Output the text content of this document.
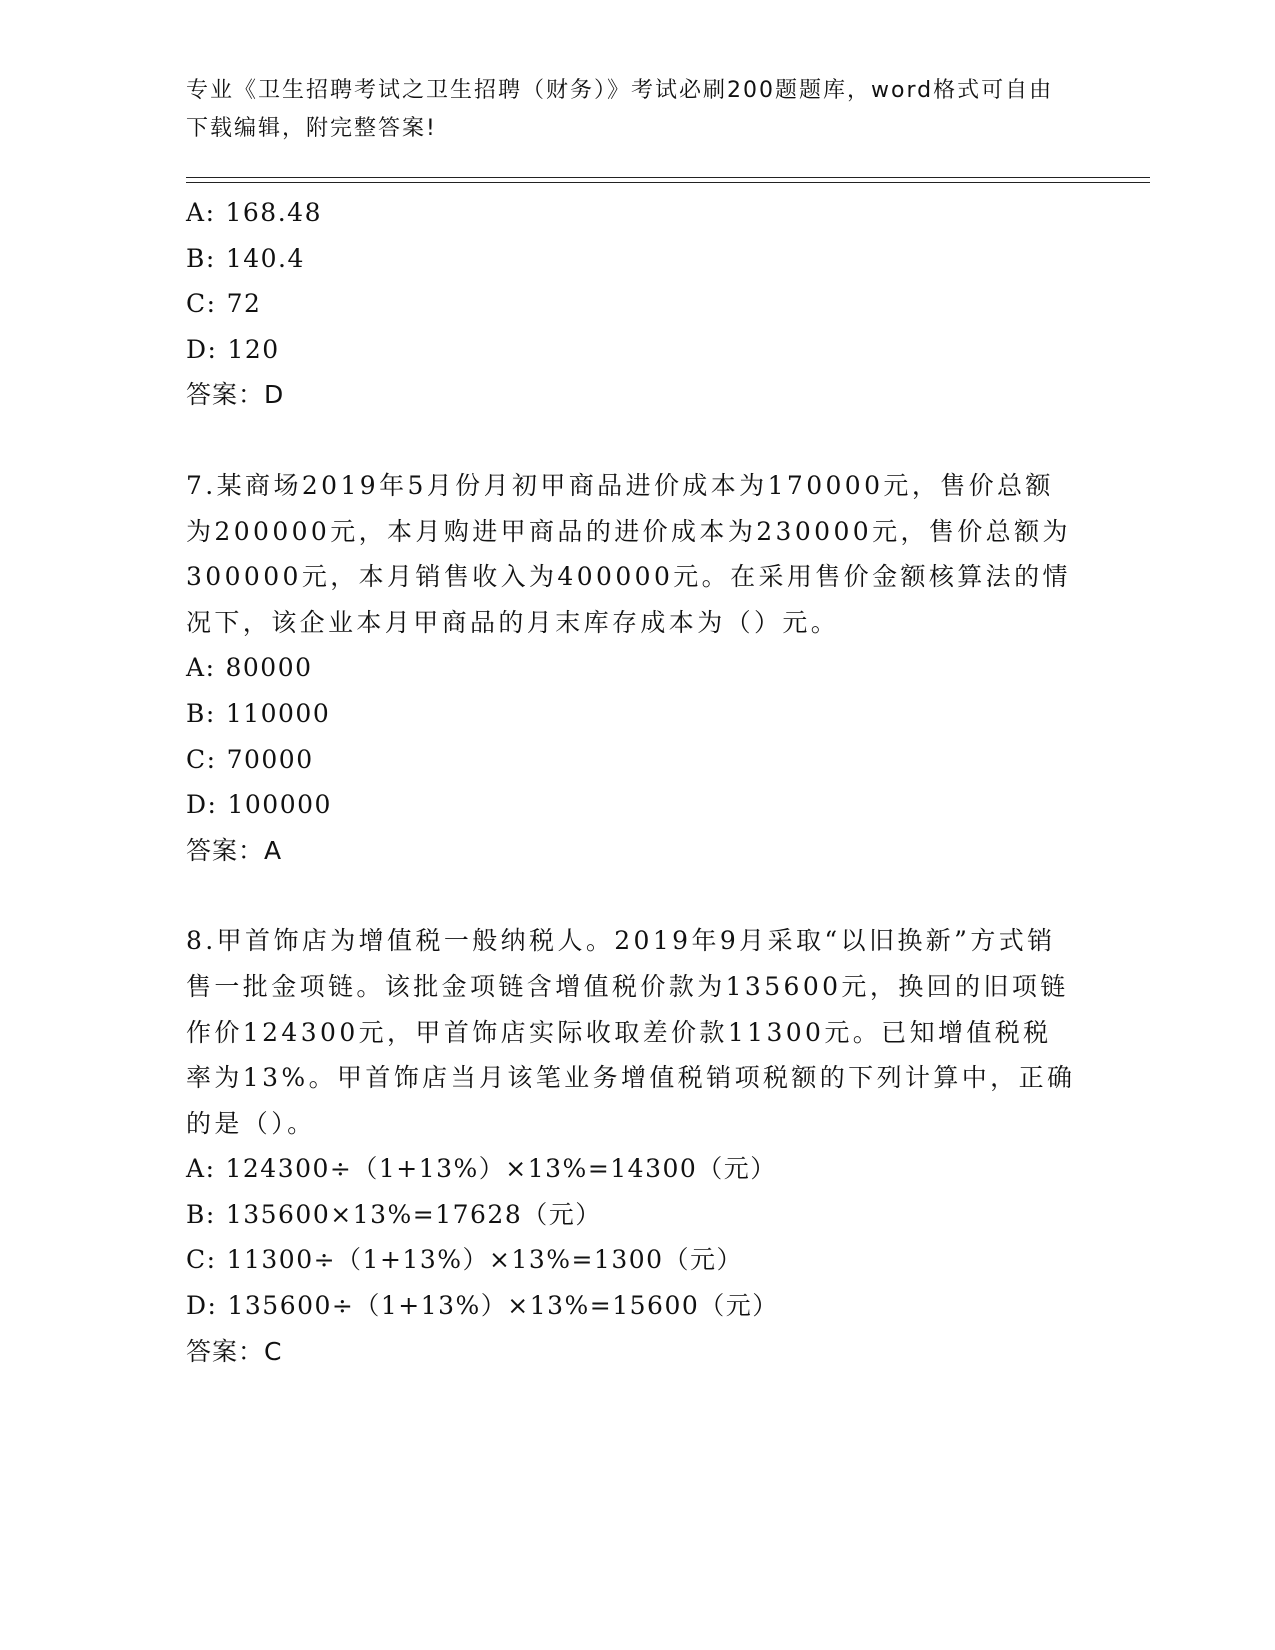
专业《卫生招聘考试之卫生招聘（财务）》考试必刷200题题库，word格式可自由下载编辑，附完整答案!
A: 168.48
B: 140.4
C: 72
D: 120
答案：D
7.某商场2019年5月份月初甲商品进价成本为170000元，售价总额为200000元，本月购进甲商品的进价成本为230000元，售价总额为300000元，本月销售收入为400000元。在采用售价金额核算法的情况下，该企业本月甲商品的月末库存成本为（）元。
A: 80000
B: 110000
C: 70000
D: 100000
答案：A
8.甲首饰店为增值税一般纳税人。2019年9月采取“以旧换新”方式销售一批金项链。该批金项链含增值税价款为135600元，换回的旧项链作价124300元，甲首饰店实际收取差价款11300元。已知增值税税率为13%。甲首饰店当月该笔业务增值税销项税额的下列计算中，正确的是（）。
A: 124300÷（1+13%）×13%=14300（元）
B: 135600×13%=17628（元）
C: 11300÷（1+13%）×13%=1300（元）
D: 135600÷（1+13%）×13%=15600（元）
答案：C
